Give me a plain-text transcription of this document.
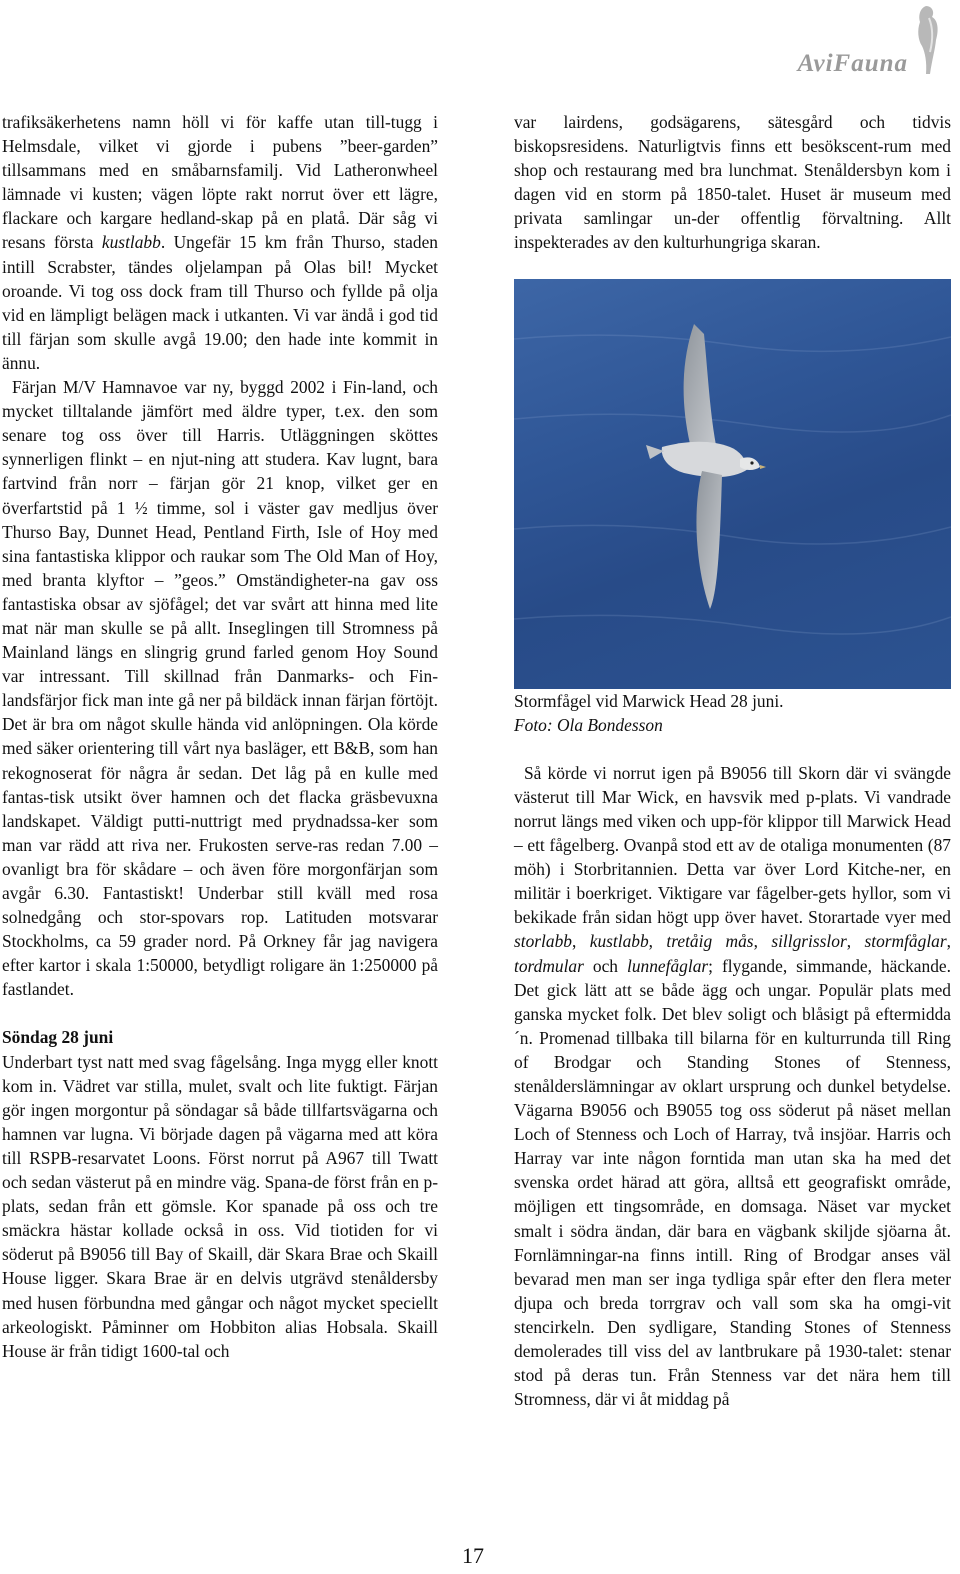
AviFauna

trafiksäkerhetens namn höll vi för kaffe utan till-tugg i Helmsdale, vilket vi gjorde i pubens ”beer-garden” tillsammans med en småbarnsfamilj. Vid Latheronwheel lämnade vi kusten; vägen löpte rakt norrut över ett lägre, flackare och kargare hedland-skap på en platå. Där såg vi resans första kustlabb. Ungefär 15 km från Thurso, staden intill Scrabster, tändes oljelampan på Olas bil! Mycket oroande. Vi tog oss dock fram till Thurso och fyllde på olja vid en lämpligt belägen mack i utkanten. Vi var ändå i god tid till färjan som skulle avgå 19.00; den hade inte kommit in ännu.

Färjan M/V Hamnavoe var ny, byggd 2002 i Fin-land, och mycket tilltalande jämfört med äldre typer, t.ex. den som senare tog oss över till Harris. Utläggningen sköttes synnerligen flinkt – en njut-ning att studera. Kav lugnt, bara fartvind från norr – färjan gör 21 knop, vilket ger en överfartstid på 1 ½ timme, sol i väster gav medljus över Thurso Bay, Dunnet Head, Pentland Firth, Isle of Hoy med sina fantastiska klippor och raukar som The Old Man of Hoy, med branta klyftor – ”geos.” Omständigheter-na gav oss fantastiska obsar av sjöfågel; det var svårt att hinna med lite mat när man skulle se på allt. Inseglingen till Stromness på Mainland längs en slingrig grund farled genom Hoy Sound var intressant. Till skillnad från Danmarks- och Fin-landsfärjor fick man inte gå ner på bildäck innan färjan förtöjt. Det är bra om något skulle hända vid anlöpningen. Ola körde med säker orientering till vårt nya basläger, ett B&B, som han rekognoserat för några år sedan. Det låg på en kulle med fantas-tisk utsikt över hamnen och det flacka gräsbevuxna landskapet. Väldigt putti-nuttrigt med prydnadssa-ker som man var rädd att riva ner. Frukosten serve-ras redan 7.00 – ovanligt bra för skådare – och även före morgonfärjan som avgår 6.30. Fantastiskt! Underbar still kväll med rosa solnedgång och stor-spovars rop. Latituden motsvarar Stockholms, ca 59 grader nord. På Orkney får jag navigera efter kartor i skala 1:50000, betydligt roligare än 1:250000 på fastlandet.

Söndag 28 juni

Underbart tyst natt med svag fågelsång. Inga mygg eller knott kom in. Vädret var stilla, mulet, svalt och lite fuktigt. Färjan gör ingen morgontur på söndagar så både tillfartsvägarna och hamnen var lugna. Vi började dagen på vägarna med att köra till RSPB-resarvatet Loons. Först norrut på A967 till Twatt och sedan västerut på en mindre väg. Spana-de först från en p-plats, sedan från ett gömsle. Kor spanade på oss och tre smäckra hästar kollade också in oss. Vid tiotiden for vi söderut på B9056 till Bay of Skaill, där Skara Brae och Skaill House ligger. Skara Brae är en delvis utgrävd stenåldersby med husen förbundna med gångar och något mycket speciellt arkeologiskt. Påminner om Hobbiton alias Hobsala. Skaill House är från tidigt 1600-tal och

var lairdens, godsägarens, sätesgård och tidvis biskopsresidens. Naturligtvis finns ett besökscent-rum med shop och restaurang med bra lunchmat. Stenåldersbyn kom i dagen vid en storm på 1850-talet. Huset är museum med privata samlingar un-der offentlig förvaltning. Allt inspekterades av den kulturhungriga skaran.

Stormfågel vid Marwick Head 28 juni.

Foto: Ola Bondesson

Så körde vi norrut igen på B9056 till Skorn där vi svängde västerut till Mar Wick, en havsvik med p-plats. Vi vandrade norrut längs med viken och upp-för klippor till Marwick Head – ett fågelberg. Ovanpå stod ett av de otaliga monumenten (87 möh) i Storbritannien. Detta var över Lord Kitche-ner, en militär i boerkriget. Viktigare var fågelber-gets hyllor, som vi bekikade från sidan högt upp över havet. Storartade vyer med storlabb, kustlabb, tretåig mås, sillgrisslor, stormfåglar, tordmular och lunnefåglar; flygande, simmande, häckande. Det gick lätt att se både ägg och ungar. Populär plats med ganska mycket folk. Det blev soligt och blåsigt på eftermidda´n. Promenad tillbaka till bilarna för en kulturrunda till Ring of Brodgar och Standing Stones of Stenness, stenålderslämningar av oklart ursprung och dunkel betydelse. Vägarna B9056 och B9055 tog oss söderut på näset mellan Loch of Stenness och Loch of Harray, två insjöar. Harris och Harray var inte någon forntida man utan ska ha med det svenska ordet härad att göra, alltså ett geografiskt område, möjligen ett tingsområde, en domsaga. Näset var mycket smalt i södra ändan, där bara en vägbank skiljde sjöarna åt. Fornlämningar-na finns intill. Ring of Brodgar anses väl bevarad men man ser inga tydliga spår efter den flera meter djupa och breda torrgrav och vall som ska ha omgi-vit stencirkeln. Den sydligare, Standing Stones of Stenness demolerades till viss del av lantbrukare på 1930-talet: stenar stod på deras tun. Från Stenness var det nära hem till Stromness, där vi åt middag på

17
